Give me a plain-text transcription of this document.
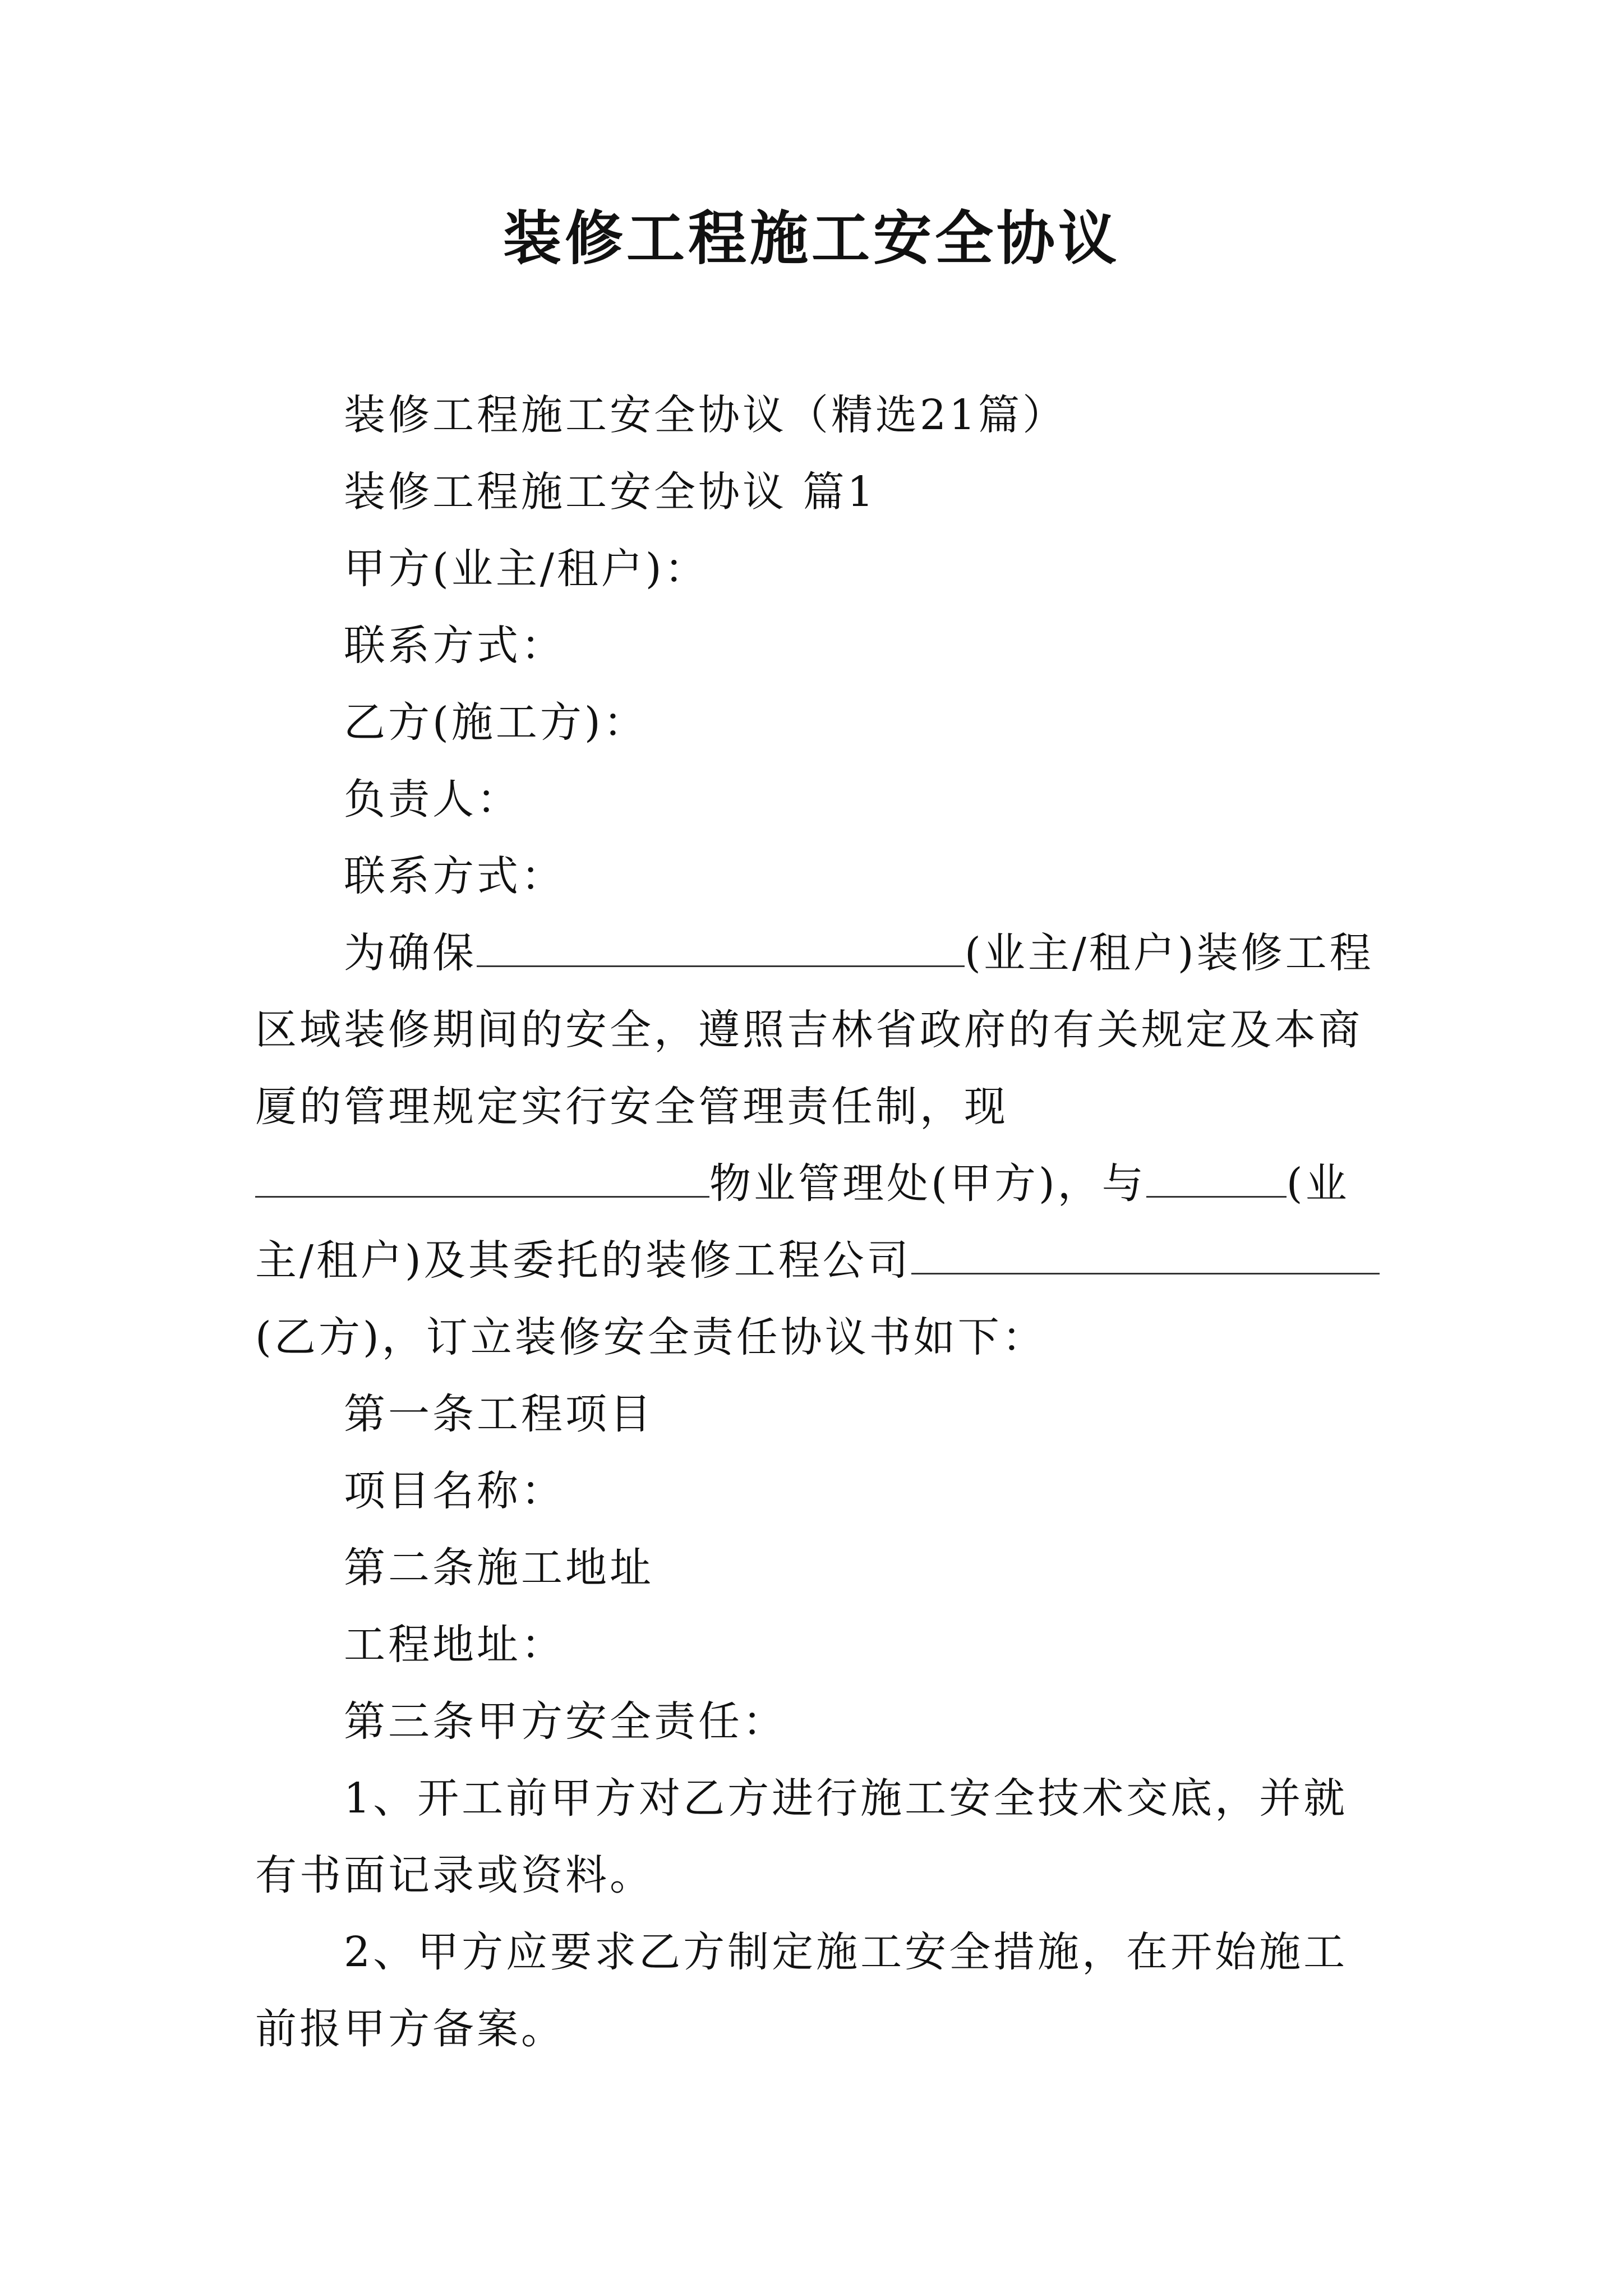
装修工程施工安全协议

装修工程施工安全协议（精选21篇）

装修工程施工安全协议 篇1

甲方(业主/租户)：

联系方式：

乙方(施工方)：

负责人：

联系方式：

为确保	(业主/租户)装修工程区域装修期间的安全，遵照吉林省政府的有关规定及本商厦的管理规定实行安全管理责任制，现物业管理处(甲方)，与	(业主/租户)及其委托的装修工程公司(乙方)，订立装修安全责任协议书如下：

第一条工程项目

项目名称：

第二条施工地址

工程地址：

第三条甲方安全责任：

1、开工前甲方对乙方进行施工安全技术交底，并就有书面记录或资料。

2、甲方应要求乙方制定施工安全措施，在开始施工前报甲方备案。
